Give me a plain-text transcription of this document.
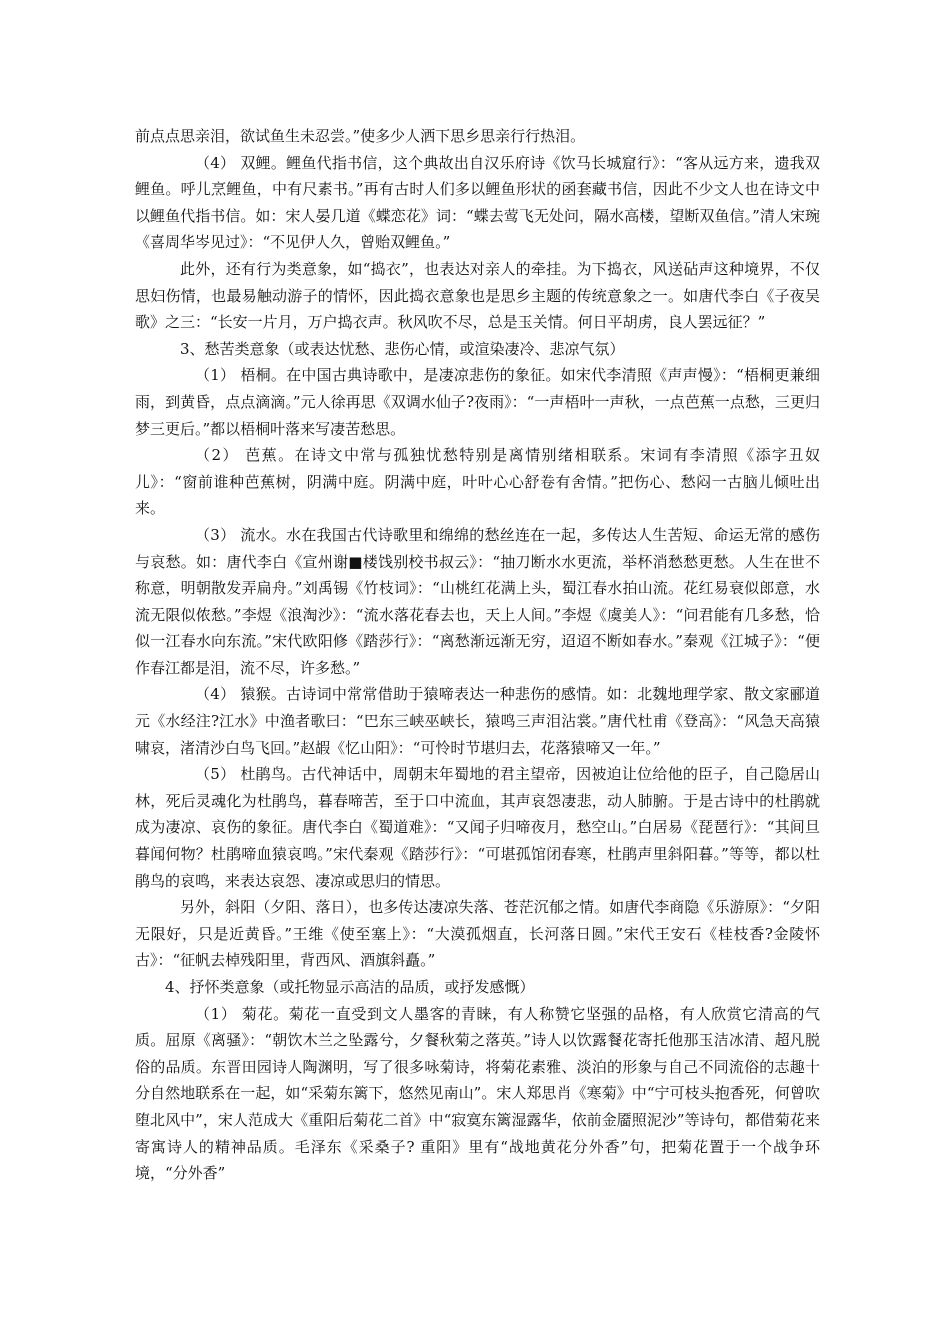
前点点思亲泪，欲试鱼生未忍尝。”使多少人洒下思乡思亲行行热泪。

（4） 双鲤。鲤鱼代指书信，这个典故出自汉乐府诗《饮马长城窟行》：“客从远方来，遗我双鲤鱼。呼儿烹鲤鱼，中有尺素书。”再有古时人们多以鲤鱼形状的函套藏书信，因此不少文人也在诗文中以鲤鱼代指书信。如：宋人晏几道《蝶恋花》词：“蝶去莺飞无处问，隔水高楼，望断双鱼信。”清人宋琬《喜周华岑见过》：“不见伊人久，曾贻双鲤鱼。”

此外，还有行为类意象，如“捣衣”，也表达对亲人的牵挂。为下捣衣，风送砧声这种境界，不仅思妇伤情，也最易触动游子的情怀，因此捣衣意象也是思乡主题的传统意象之一。如唐代李白《子夜吴歌》之三：“长安一片月，万户捣衣声。秋风吹不尽，总是玉关情。何日平胡虏，良人罢远征？”

3、愁苦类意象（或表达忧愁、悲伤心情，或渲染凄冷、悲凉气氛）

（1） 梧桐。在中国古典诗歌中，是凄凉悲伤的象征。如宋代李清照《声声慢》：“梧桐更兼细雨，到黄昏，点点滴滴。”元人徐再思《双调水仙子?夜雨》：“一声梧叶一声秋，一点芭蕉一点愁，三更归梦三更后。”都以梧桐叶落来写凄苦愁思。

（2） 芭蕉。在诗文中常与孤独忧愁特别是离情别绪相联系。宋词有李清照《添字丑奴儿》：“窗前谁种芭蕉树，阴满中庭。阴满中庭，叶叶心心舒卷有舍情。”把伤心、愁闷一古脑儿倾吐出来。

（3） 流水。水在我国古代诗歌里和绵绵的愁丝连在一起，多传达人生苦短、命运无常的感伤与哀愁。如：唐代李白《宣州谢■楼饯别校书叔云》：“抽刀断水水更流，举杯消愁愁更愁。人生在世不称意，明朝散发弄扁舟。”刘禹锡《竹枝词》：“山桃红花满上头，蜀江春水拍山流。花红易衰似郎意，水流无限似侬愁。”李煜《浪淘沙》：“流水落花春去也，天上人间。”李煜《虞美人》：“问君能有几多愁，恰似一江春水向东流。”宋代欧阳修《踏莎行》：“离愁渐远渐无穷，迢迢不断如春水。”秦观《江城子》：“便作春江都是泪，流不尽，许多愁。”

（4） 猿猴。古诗词中常常借助于猿啼表达一种悲伤的感情。如：北魏地理学家、散文家郦道元《水经注?江水》中渔者歌曰：“巴东三峡巫峡长，猿鸣三声泪沾裳。”唐代杜甫《登高》：“风急天高猿啸哀，渚清沙白鸟飞回。”赵嘏《忆山阳》：“可怜时节堪归去，花落猿啼又一年。”

（5） 杜鹃鸟。古代神话中，周朝末年蜀地的君主望帝，因被迫让位给他的臣子，自己隐居山林，死后灵魂化为杜鹃鸟，暮春啼苦，至于口中流血，其声哀怨凄悲，动人肺腑。于是古诗中的杜鹃就成为凄凉、哀伤的象征。唐代李白《蜀道难》：“又闻子归啼夜月，愁空山。”白居易《琵琶行》：“其间旦暮闻何物？杜鹃啼血猿哀鸣。”宋代秦观《踏莎行》：“可堪孤馆闭春寒，杜鹃声里斜阳暮。”等等，都以杜鹃鸟的哀鸣，来表达哀怨、凄凉或思归的情思。

另外，斜阳（夕阳、落日），也多传达凄凉失落、苍茫沉郁之情。如唐代李商隐《乐游原》：“夕阳无限好，只是近黄昏。”王维《使至塞上》：“大漠孤烟直，长河落日圆。”宋代王安石《桂枝香?金陵怀古》：“征帆去棹残阳里，背西风、酒旗斜矗。”

4、抒怀类意象（或托物显示高洁的品质，或抒发感慨）

（1） 菊花。菊花一直受到文人墨客的青睐，有人称赞它坚强的品格，有人欣赏它清高的气质。屈原《离骚》：“朝饮木兰之坠露兮，夕餐秋菊之落英。”诗人以饮露餐花寄托他那玉洁冰清、超凡脱俗的品质。东晋田园诗人陶渊明，写了很多咏菊诗，将菊花素雅、淡泊的形象与自己不同流俗的志趣十分自然地联系在一起，如“采菊东篱下，悠然见南山”。宋人郑思肖《寒菊》中“宁可枝头抱香死，何曾吹堕北风中”，宋人范成大《重阳后菊花二首》中“寂寞东篱湿露华，依前金靥照泥沙”等诗句，都借菊花来寄寓诗人的精神品质。毛泽东《采桑子? 重阳》里有“战地黄花分外香”句，把菊花置于一个战争环境，“分外香”
